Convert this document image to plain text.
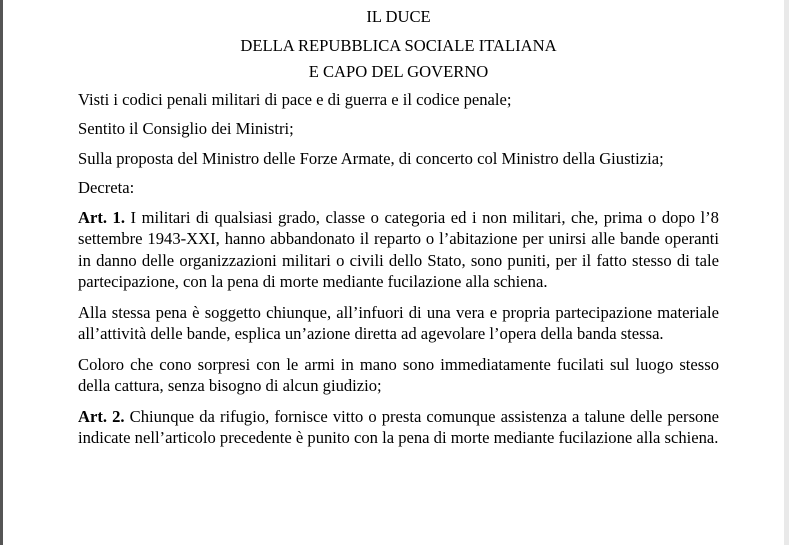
IL DUCE

DELLA REPUBBLICA SOCIALE ITALIANA

E CAPO DEL GOVERNO

Visti i codici penali militari di pace e di guerra e il codice penale;

Sentito il Consiglio dei Ministri;

Sulla proposta del Ministro delle Forze Armate, di concerto col Ministro della Giustizia;

Decreta:

Art. 1. I militari di qualsiasi grado, classe o categoria ed i non militari, che, prima o dopo l’8 settembre 1943-XXI, hanno abbandonato il reparto o l’abitazione per unirsi alle bande operanti in danno delle organizzazioni militari o civili dello Stato, sono puniti, per il fatto stesso di tale partecipazione, con la pena di morte mediante fucilazione alla schiena.

Alla stessa pena è soggetto chiunque, all’infuori di una vera e propria partecipazione materiale all’attività delle bande, esplica un’azione diretta ad agevolare l’opera della banda stessa.

Coloro che cono sorpresi con le armi in mano sono immediatamente fucilati sul luogo stesso della cattura, senza bisogno di alcun giudizio;

Art. 2. Chiunque da rifugio, fornisce vitto o presta comunque assistenza a talune delle persone indicate nell’articolo precedente è punito con la pena di morte mediante fucilazione alla schiena.
